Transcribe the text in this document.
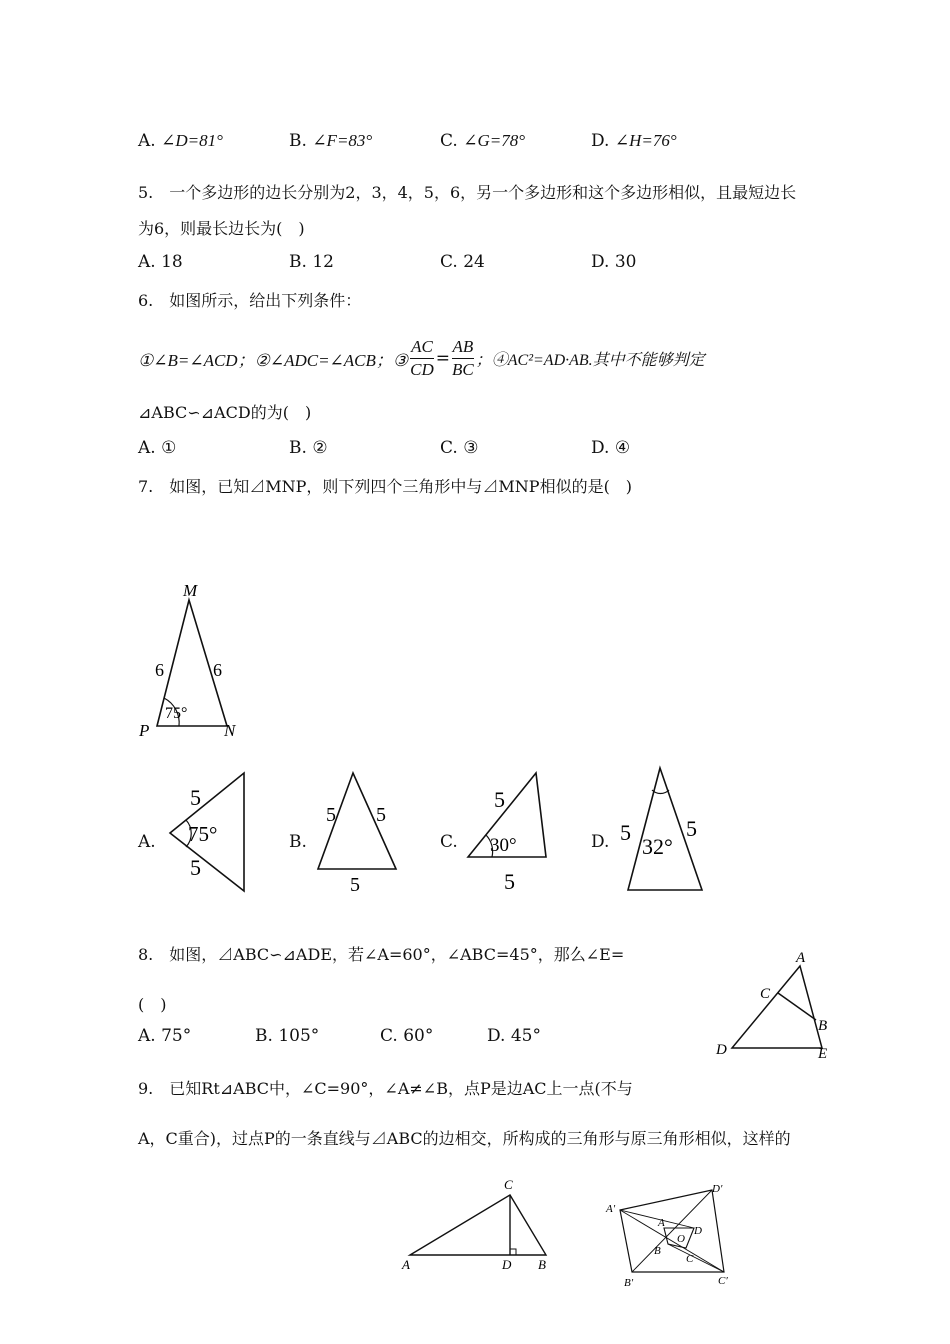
A. ∠D=81°	B. ∠F=83°	C. ∠G=78°	D. ∠H=76°
5.　一个多边形的边长分别为2，3，4，5，6，另一个多边形和这个多边形相似，且最短边长
为6，则最长边长为(　)
A. 18	B. 12	C. 24	D. 30
6.　如图所示，给出下列条件：
①∠B=∠ACD；②∠ADC=∠ACB；③ $\frac{AC}{CD} = \frac{AB}{BC}$ ；④AC²=AD·AB.其中不能够判定
⊿ABC∽⊿ACD的为(　)
A. ①	B. ②	C. ③	D. ④
7.　如图，已知⊿MNP，则下列四个三角形中与⊿MNP相似的是(　)
M
P	N
6	6
75°
A.
5
5
75°	B.
5 5
5
C.
5
5
30°	D. 5	5
32°
8.　如图，⊿ABC∽⊿ADE，若∠A=60°，∠ABC=45°，那么∠E=
(　)
A. 75°	B. 105°	C. 60°	D. 45°
A
C
B
D	E
9.　已知Rt⊿ABC中，∠C=90°，∠A≠∠B，点P是边AC上一点(不与
A，C重合)，过点P的一条直线与⊿ABC的边相交，所构成的三角形与原三角形相似，这样的
C
A	D B
A′
D′
B′	C′
A
D
B
C
O
